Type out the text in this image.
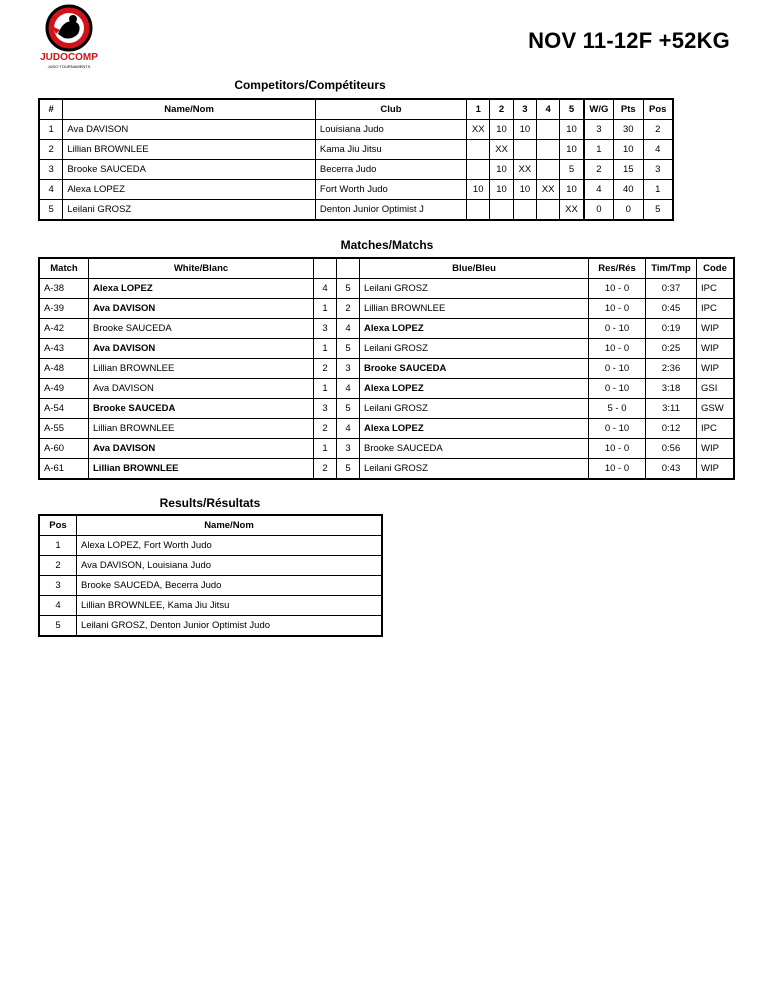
JUDOCOMP
JUDO TOURNAMENTS
NOV 11-12F +52KG
Competitors/Compétiteurs
#	Name/Nom	Club	1	2	3	4	5	W/G	Pts	Pos
1	Ava DAVISON	Louisiana Judo	XX	10	10		10	3	30	2
2	Lillian BROWNLEE	Kama Jiu Jitsu		XX			10	1	10	4
3	Brooke SAUCEDA	Becerra Judo		10	XX		5	2	15	3
4	Alexa LOPEZ	Fort Worth Judo	10	10	10	XX	10	4	40	1
5	Leilani GROSZ	Denton Junior Optimist J					XX	0	0	5
Matches/Matchs
Match	White/Blanc			Blue/Bleu	Res/Rés	Tim/Tmp	Code
A-38	Alexa LOPEZ	4	5	Leilani GROSZ	10 - 0	0:37	IPC
A-39	Ava DAVISON	1	2	Lillian BROWNLEE	10 - 0	0:45	IPC
A-42	Brooke SAUCEDA	3	4	Alexa LOPEZ	0 - 10	0:19	WIP
A-43	Ava DAVISON	1	5	Leilani GROSZ	10 - 0	0:25	WIP
A-48	Lillian BROWNLEE	2	3	Brooke SAUCEDA	0 - 10	2:36	WIP
A-49	Ava DAVISON	1	4	Alexa LOPEZ	0 - 10	3:18	GSI
A-54	Brooke SAUCEDA	3	5	Leilani GROSZ	5 - 0	3:11	GSW
A-55	Lillian BROWNLEE	2	4	Alexa LOPEZ	0 - 10	0:12	IPC
A-60	Ava DAVISON	1	3	Brooke SAUCEDA	10 - 0	0:56	WIP
A-61	Lillian BROWNLEE	2	5	Leilani GROSZ	10 - 0	0:43	WIP
Results/Résultats
Pos	Name/Nom
1	Alexa LOPEZ, Fort Worth Judo
2	Ava DAVISON, Louisiana Judo
3	Brooke SAUCEDA, Becerra Judo
4	Lillian BROWNLEE, Kama Jiu Jitsu
5	Leilani GROSZ, Denton Junior Optimist Judo
